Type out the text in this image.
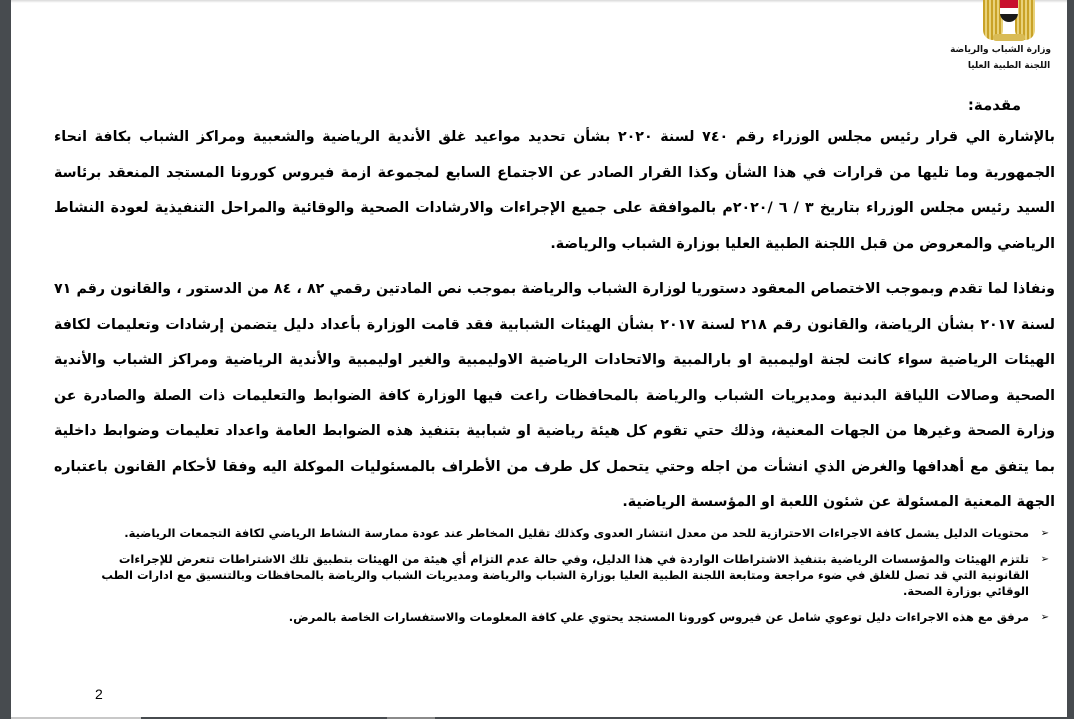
وزارة الشباب والرياضة
اللجنة الطبية العليا
مقدمة:

بالإشارة الي قرار رئيس مجلس الوزراء رقم ٧٤٠ لسنة ٢٠٢٠ بشأن تحديد مواعيد غلق الأندية الرياضية والشعبية ومراكز الشباب بكافة انحاء الجمهورية وما تليها من قرارات في هذا الشأن وكذا القرار الصادر عن الاجتماع السابع لمجموعة ازمة فيروس كورونا المستجد المنعقد برئاسة السيد رئيس مجلس الوزراء بتاريخ ٣ / ٦ /٢٠٢٠م بالموافقة على جميع الإجراءات والارشادات الصحية والوقائية والمراحل التنفيذية لعودة النشاط الرياضي والمعروض من قبل اللجنة الطبية العليا بوزارة الشباب والرياضة.

ونفاذا لما تقدم وبموجب الاختصاص المعقود دستوريا لوزارة الشباب والرياضة بموجب نص المادتين رقمي ٨٢ ، ٨٤ من الدستور ، والقانون رقم ٧١ لسنة ٢٠١٧ بشأن الرياضة، والقانون رقم ٢١٨ لسنة ٢٠١٧ بشأن الهيئات الشبابية فقد قامت الوزارة بأعداد دليل يتضمن إرشادات وتعليمات لكافة الهيئات الرياضية سواء كانت لجنة اوليمبية او بارالمبية والاتحادات الرياضية الاوليمبية والغير اوليمبية والأندية الرياضية ومراكز الشباب والأندية الصحية وصالات اللياقة البدنية ومديريات الشباب والرياضة بالمحافظات راعت فيها الوزارة كافة الضوابط والتعليمات ذات الصلة والصادرة عن وزارة الصحة وغيرها من الجهات المعنية، وذلك حتي تقوم كل هيئة رياضية او شبابية بتنفيذ هذه الضوابط العامة واعداد تعليمات وضوابط داخلية بما يتفق مع أهدافها والغرض الذي انشأت من اجله وحتي يتحمل كل طرف من الأطراف بالمسئوليات الموكلة اليه وفقا لأحكام القانون باعتباره الجهة المعنية المسئولة عن شئون اللعبة او المؤسسة الرياضية.

➢
محتويات الدليل يشمل كافة الاجراءات الاحترازية للحد من معدل انتشار العدوى وكذلك تقليل المخاطر عند عودة ممارسة النشاط الرياضي لكافة التجمعات الرياضية.
➢
تلتزم الهيئات والمؤسسات الرياضية بتنفيذ الاشتراطات الواردة في هذا الدليل، وفي حالة عدم التزام أي هيئة من الهيئات بتطبيق تلك الاشتراطات تتعرض للإجراءات القانونية التي قد تصل للغلق في ضوء مراجعة ومتابعة اللجنة الطبية العليا بوزارة الشباب والرياضة ومديريات الشباب والرياضة بالمحافظات وبالتنسيق مع ادارات الطب الوقائي بوزارة الصحة.
➢
مرفق مع هذه الاجراءات دليل توعوي شامل عن فيروس كورونا المستجد يحتوي علي كافة المعلومات والاستفسارات الخاصة بالمرض.
2
